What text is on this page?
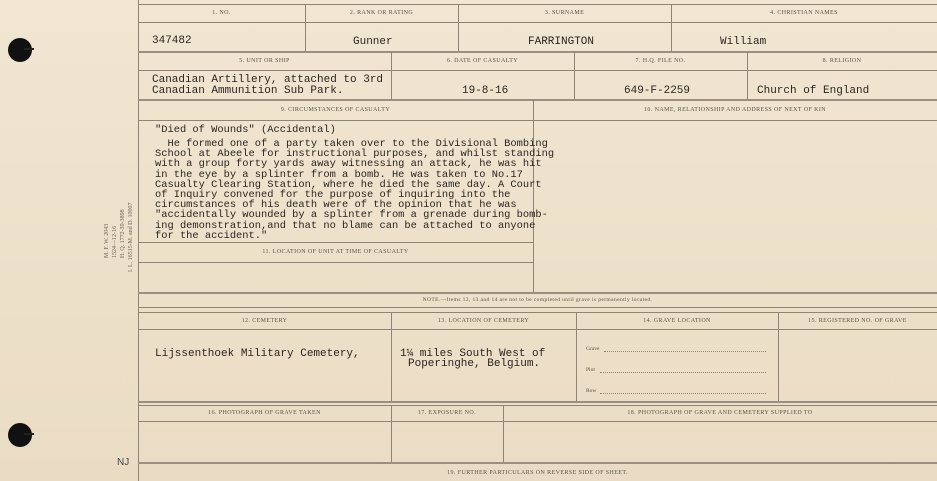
M. F. W. 2043 1524—12-16 H. Q. 1772-39-3898 I. L. 16515-M. and D. 10007
NJ
1. NO.	2. RANK OR RATING	3. SURNAME	4. CHRISTIAN NAMES
347482	Gunner	FARRINGTON	William
5. UNIT OR SHIP	6. DATE OF CASUALTY	7. H.Q. FILE NO.	8. RELIGION
Canadian Artillery, attached to 3rd
Canadian Ammunition Sub Park.	19-8-16	649-F-2259	Church of England
9. CIRCUMSTANCES OF CASUALTY	10. NAME, RELATIONSHIP AND ADDRESS OF NEXT OF KIN
"Died of Wounds" (Accidental)
He formed one of a party taken over to the Divisional Bombing
School at Abeele for instructional purposes, and whilst standing
with a group forty yards away witnessing an attack, he was hit
in the eye by a splinter from a bomb. He was taken to No.17
Casualty Clearing Station, where he died the same day. A Court
of Inquiry convened for the purpose of inquiring into the
circumstances of his death were of the opinion that he was
"accidentally wounded by a splinter from a grenade during bomb-
ing demonstration,and that no blame can be attached to anyone
for the accident."
11. LOCATION OF UNIT AT TIME OF CASUALTY
NOTE.—Items 12, 13 and 14 are not to be completed until grave is permanently located.
12. CEMETERY	13. LOCATION OF CEMETERY	14. GRAVE LOCATION	15. REGISTERED NO. OF GRAVE
Lijssenthoek Military Cemetery,	1¼ miles South West of
Poperinghe, Belgium.
Grave
Plot
Row
16. PHOTOGRAPH OF GRAVE TAKEN	17. EXPOSURE NO.	18. PHOTOGRAPH OF GRAVE AND CEMETERY SUPPLIED TO
19. FURTHER PARTICULARS ON REVERSE SIDE OF SHEET.
